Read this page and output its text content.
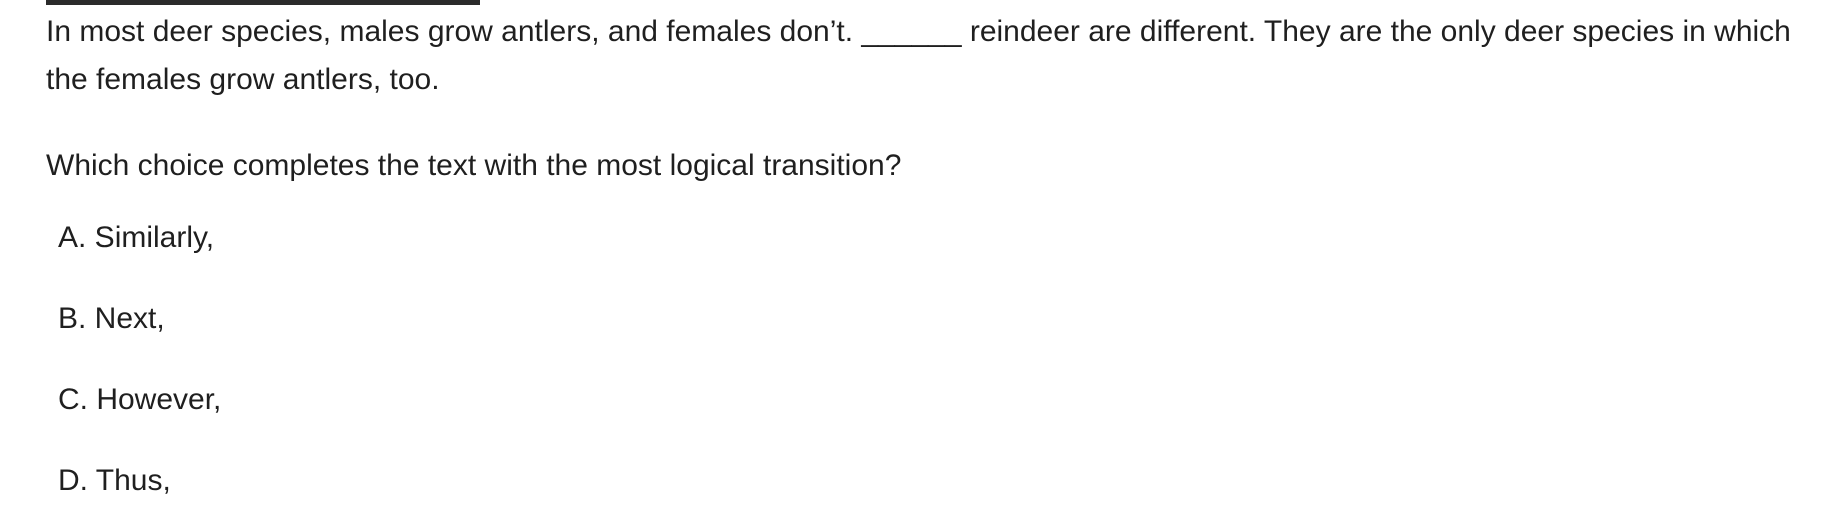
In most deer species, males grow antlers, and females don’t. ______ reindeer are different. They are the only deer species in which the females grow antlers, too.

Which choice completes the text with the most logical transition?

A. Similarly,
B. Next,
C. However,
D. Thus,
